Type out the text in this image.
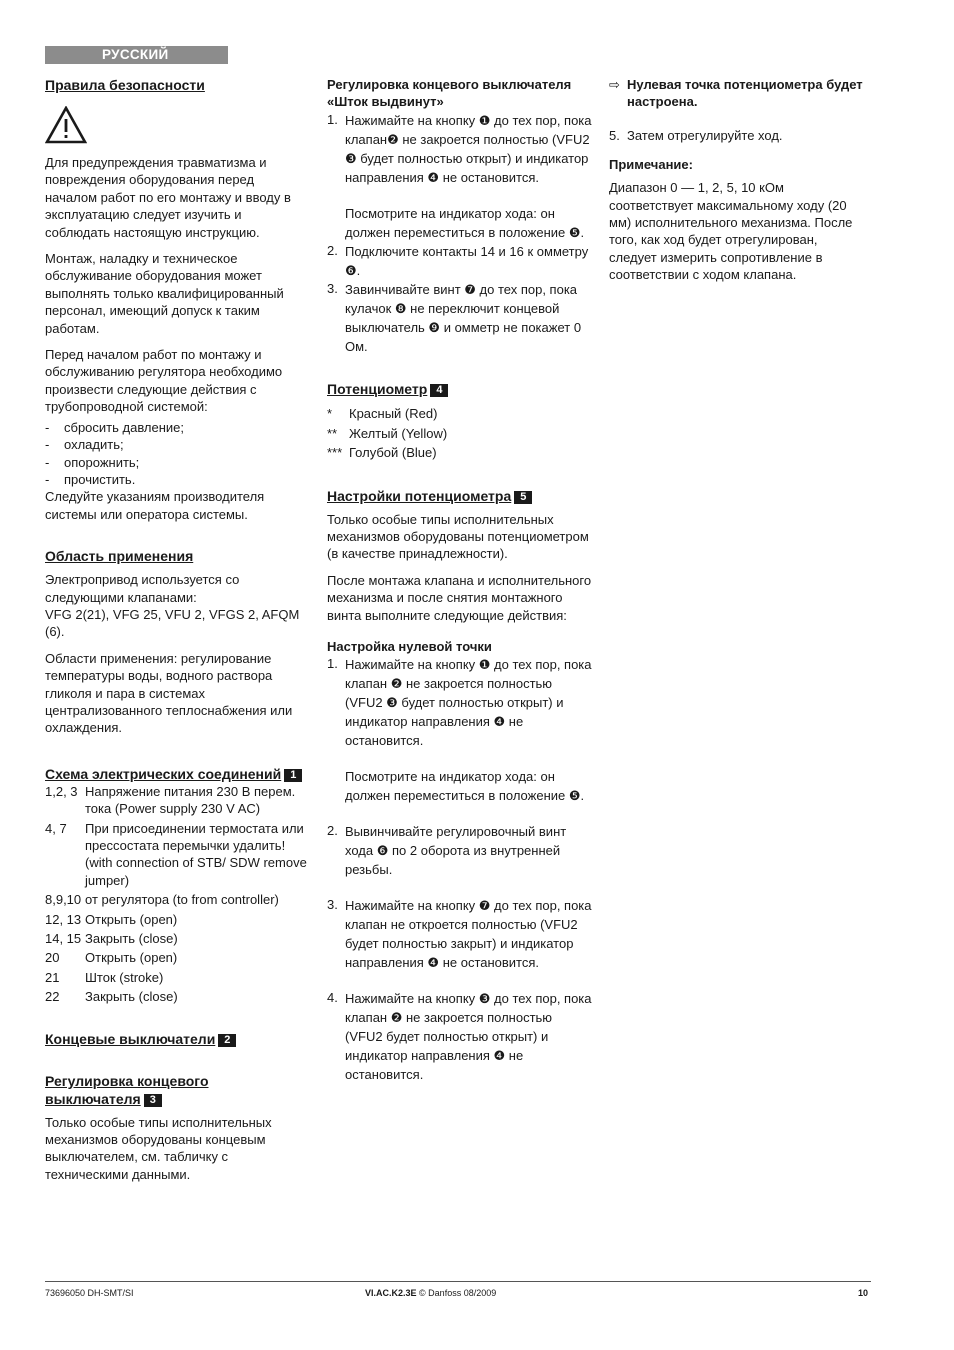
РУССКИЙ
Правила безопасности

Для предупреждения травматизма и повреждения оборудования перед началом работ по его монтажу и вводу в эксплуатацию следует изучить и соблюдать настоящую инструкцию.

Монтаж, наладку и техническое обслуживание оборудования может выполнять только квалифицированный персонал, имеющий допуск к таким работам.

Перед началом работ по монтажу и обслуживанию регулятора необходимо произвести следующие действия с трубопроводной системой:

- сбросить давление;
- охладить;
- опорожнить;
- прочистить.

Следуйте указаниям производителя системы или оператора системы.

Область применения

Электропривод используется со следующими клапанами:

VFG 2(21), VFG 25, VFU 2, VFGS 2, AFQM (6).

Области применения: регулирование температуры воды, водного раствора гликоля и пара в системах централизованного теплоснабжения или охлаждения.

Схема электрических соединений 1
1,2, 3 Напряжение питания 230 В перем. тока (Power supply 230 V AC)
4, 7	При присоединении термостата или прессостата перемычки удалить! (with connection of STB/ SDW remove jumper)
8,9,10 от регулятора (to from controller)
12, 13 Открыть (open)
14, 15 Закрыть (close)
20	Открыть (open)
21	Шток (stroke)
22	Закрыть (close)
Концевые выключатели 2
Регулировка концевого
выключателя 3

Только особые типы исполнительных механизмов оборудованы концевым выключателем, см. табличку с техническими данными.

Регулировка концевого выключателя «Шток выдвинут»
1. Нажимайте на кнопку ❶ до тех пор, пока клапан❷ не закроется полностью (VFU2 ❸ будет полностью открыт) и индикатор направления ❹ не остановится.

Посмотрите на индикатор хода: он должен переместиться в положение ❺.

2. Подключите контакты 14 и 16 к омметру ❻.

3. Завинчивайте винт ❼ до тех пор, пока кулачок ❽ не переключит концевой выключатель ❾ и омметр не покажет 0 Ом.

Потенциометр 4
*	Красный (Red)
** Желтый (Yellow)
*** Голубой (Blue)
Настройки потенциометра 5

Только особые типы исполнительных механизмов оборудованы потенциометром (в качестве принадлежности).

После монтажа клапана и исполнительного механизма и после снятия монтажного винта выполните следующие действия:

Настройка нулевой точки
1. Нажимайте на кнопку ❶ до тех пор, пока клапан ❷ не закроется полностью (VFU2 ❸ будет полностью открыт) и индикатор направления ❹ не остановится.

Посмотрите на индикатор хода: он должен переместиться в положение ❺.

2. Вывинчивайте регулировочный винт хода ❻ по 2 оборота из внутренней резьбы.

3. Нажимайте на кнопку ❼ до тех пор, пока клапан не откроется полностью (VFU2 будет полностью закрыт) и индикатор направления ❹ не остановится.

4. Нажимайте на кнопку ❸ до тех пор, пока клапан ❷ не закроется полностью (VFU2 будет полностью открыт) и индикатор направления ❹ не остановится.

⇨ Нулевая точка потенциометра будет настроена.
5. Затем отрегулируйте ход.
Примечание:

Диапазон 0 — 1, 2, 5, 10 кОм соответствует максимальному ходу (20 мм) исполнительного механизма. После того, как ход будет отрегулирован, следует измерить сопротивление в соответствии с ходом клапана.

73696050 DH-SMT/SI	VI.AC.K2.3E © Danfoss 08/2009	10
